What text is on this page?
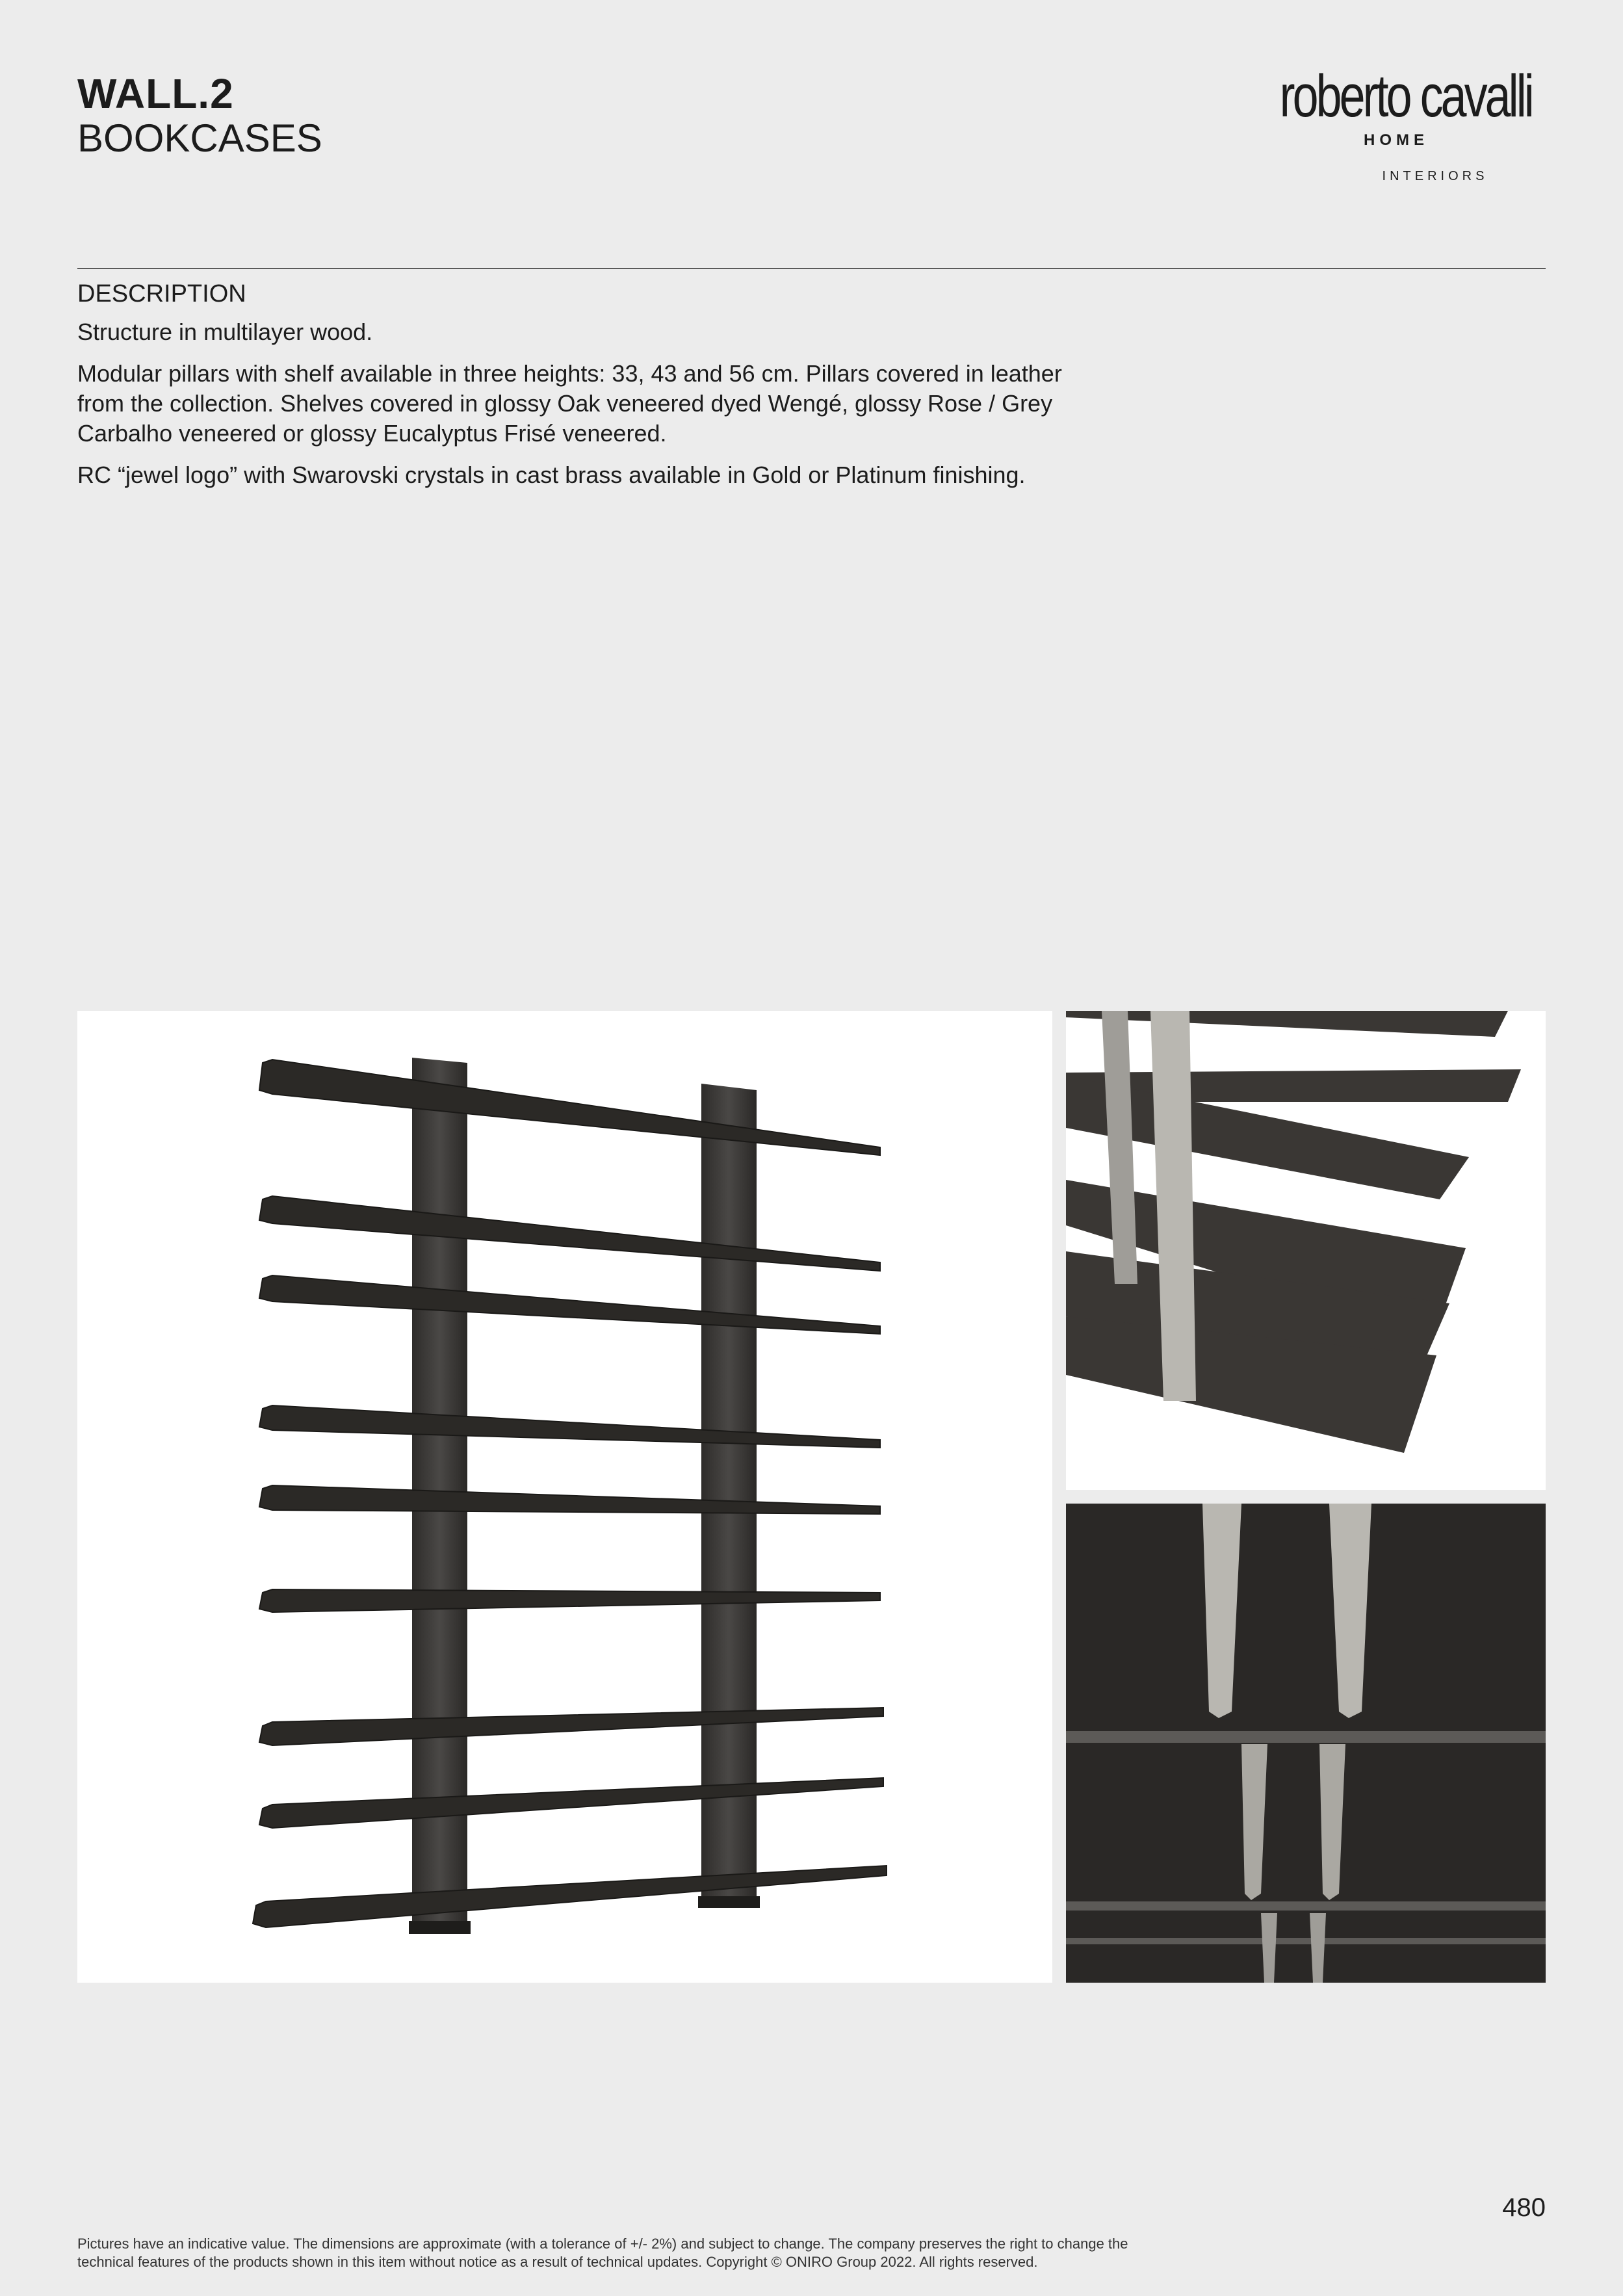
WALL.2
BOOKCASES
roberto cavalli
HOME
INTERIORS
DESCRIPTION

Structure in multilayer wood.

Modular pillars with shelf available in three heights: 33, 43 and 56 cm. Pillars covered in leather from the collection. Shelves covered in glossy Oak veneered dyed Wengé, glossy Rose / Grey Carbalho veneered or glossy Eucalyptus Frisé veneered.

RC “jewel logo” with Swarovski crystals in cast brass available in Gold or Platinum finishing.

480
Pictures have an indicative value. The dimensions are approximate (with a tolerance of +/- 2%) and subject to change. The company preserves the right to change the
technical features of the products shown in this item without notice as a result of technical updates. Copyright © ONIRO Group 2022. All rights reserved.
